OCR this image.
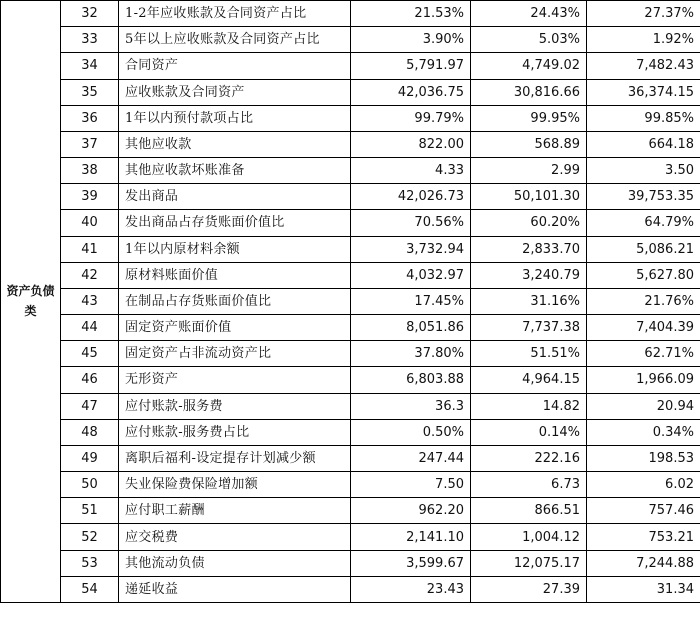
资产负债类	32	1-2年应收账款及合同资产占比	21.53%	24.43%	27.37%
	33	5年以上应收账款及合同资产占比	3.90%	5.03%	1.92%
	34	合同资产	5,791.97	4,749.02	7,482.43
	35	应收账款及合同资产	42,036.75	30,816.66	36,374.15
	36	1年以内预付款项占比	99.79%	99.95%	99.85%
	37	其他应收款	822.00	568.89	664.18
	38	其他应收款坏账准备	4.33	2.99	3.50
	39	发出商品	42,026.73	50,101.30	39,753.35
	40	发出商品占存货账面价值比	70.56%	60.20%	64.79%
	41	1年以内原材料余额	3,732.94	2,833.70	5,086.21
	42	原材料账面价值	4,032.97	3,240.79	5,627.80
	43	在制品占存货账面价值比	17.45%	31.16%	21.76%
	44	固定资产账面价值	8,051.86	7,737.38	7,404.39
	45	固定资产占非流动资产比	37.80%	51.51%	62.71%
	46	无形资产	6,803.88	4,964.15	1,966.09
	47	应付账款-服务费	36.3	14.82	20.94
	48	应付账款-服务费占比	0.50%	0.14%	0.34%
	49	离职后福利-设定提存计划减少额	247.44	222.16	198.53
	50	失业保险费保险增加额	7.50	6.73	6.02
	51	应付职工薪酬	962.20	866.51	757.46
	52	应交税费	2,141.10	1,004.12	753.21
	53	其他流动负债	3,599.67	12,075.17	7,244.88
	54	递延收益	23.43	27.39	31.34
